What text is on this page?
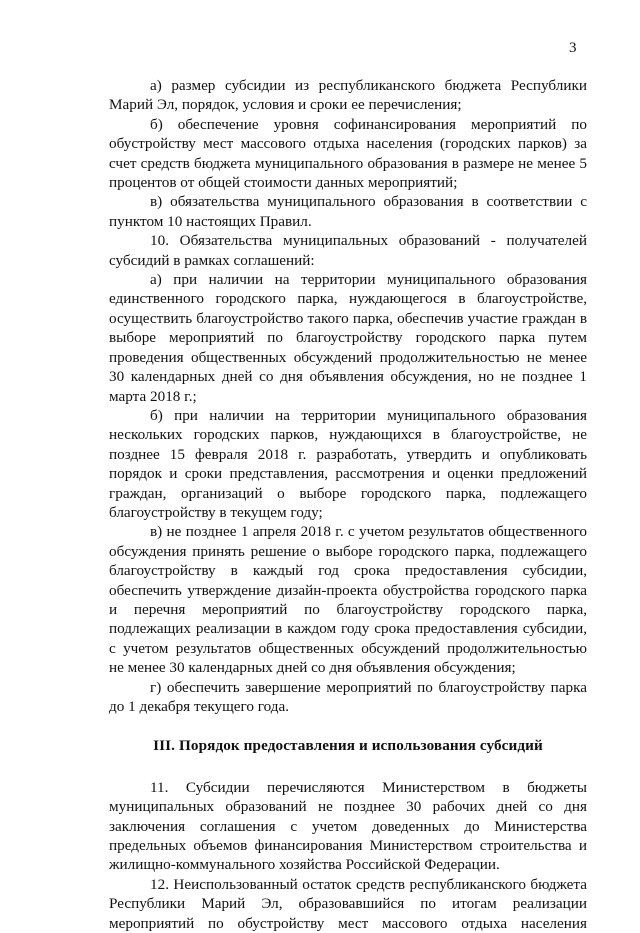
3

а) размер субсидии из республиканского бюджета Республики Марий Эл, порядок, условия и сроки ее перечисления;

б) обеспечение уровня софинансирования мероприятий по обустройству мест массового отдыха населения (городских парков) за счет средств бюджета муниципального образования в размере не менее 5 процентов от общей стоимости данных мероприятий;

в) обязательства муниципального образования в соответствии с пунктом 10 настоящих Правил.

10. Обязательства муниципальных образований - получателей субсидий в рамках соглашений:

а) при наличии на территории муниципального образования единственного городского парка, нуждающегося в благоустройстве, осуществить благоустройство такого парка, обеспечив участие граждан в выборе мероприятий по благоустройству городского парка путем проведения общественных обсуждений продолжительностью не менее 30 календарных дней со дня объявления обсуждения, но не позднее 1 марта 2018 г.;

б) при наличии на территории муниципального образования нескольких городских парков, нуждающихся в благоустройстве, не позднее 15 февраля 2018 г. разработать, утвердить и опубликовать порядок и сроки представления, рассмотрения и оценки предложений граждан, организаций о выборе городского парка, подлежащего благоустройству в текущем году;

в) не позднее 1 апреля 2018 г. с учетом результатов общественного обсуждения принять решение о выборе городского парка, подлежащего благоустройству в каждый год срока предоставления субсидии, обеспечить утверждение дизайн-проекта обустройства городского парка и перечня мероприятий по благоустройству городского парка, подлежащих реализации в каждом году срока предоставления субсидии, с учетом результатов общественных обсуждений продолжительностью не менее 30 календарных дней со дня объявления обсуждения;

г) обеспечить завершение мероприятий по благоустройству парка до 1 декабря текущего года.

III. Порядок предоставления и использования субсидий

11. Субсидии перечисляются Министерством в бюджеты муниципальных образований не позднее 30 рабочих дней со дня заключения соглашения с учетом доведенных до Министерства предельных объемов финансирования Министерством строительства и жилищно-коммунального хозяйства Российской Федерации.

12. Неиспользованный остаток средств республиканского бюджета Республики Марий Эл, образовавшийся по итогам реализации мероприятий по обустройству мест массового отдыха населения
